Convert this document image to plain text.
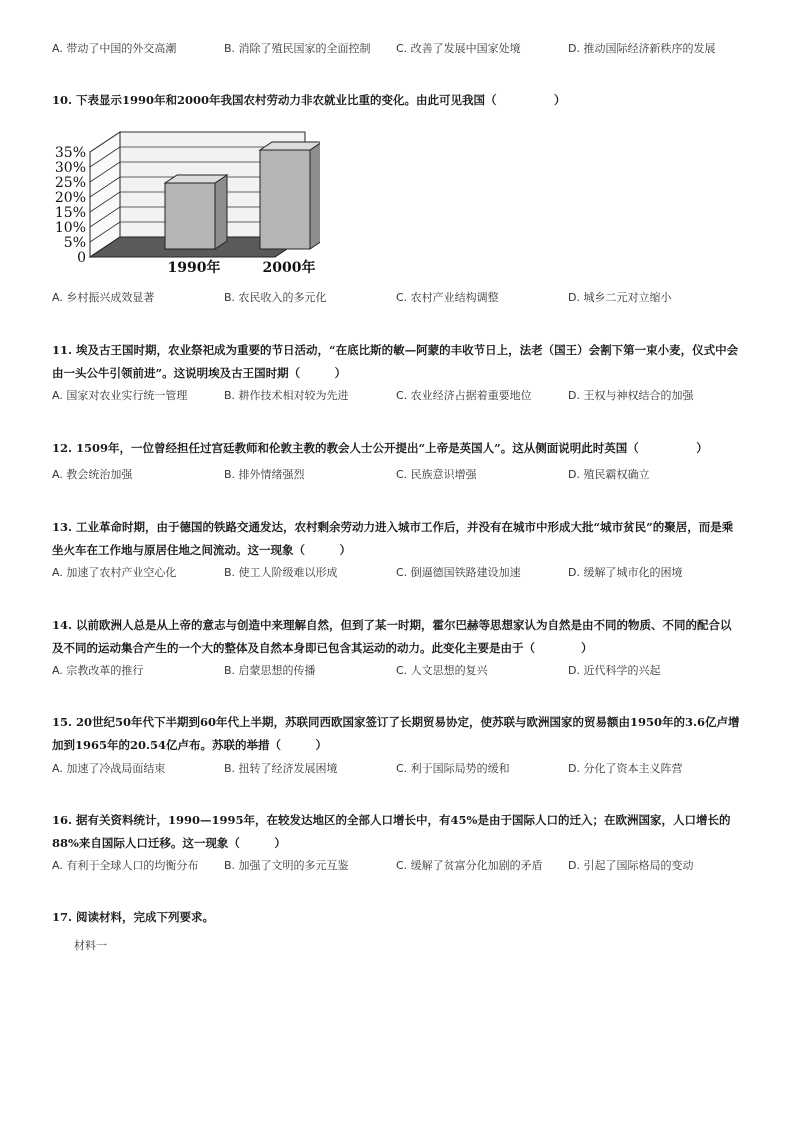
A. 带动了中国的外交高潮	B. 消除了殖民国家的全面控制 C. 改善了发展中国家处境	D. 推动国际经济新秩序的发展
10. 下表显示1990年和2000年我国农村劳动力非农就业比重的变化。由此可见我国（　　　　　）
35%
30%
25%
20%
15%
10%
5%
0
1990年	2000年
A. 乡村振兴成效显著	B. 农民收入的多元化	C. 农村产业结构调整	D. 城乡二元对立缩小
11. 埃及古王国时期，农业祭祀成为重要的节日活动，“在底比斯的敏—阿蒙的丰收节日上，法老（国王）会割下第一束小麦，仪式中会由一头公牛引领前进”。这说明埃及古王国时期（　　　）
A. 国家对农业实行统一管理	B. 耕作技术相对较为先进	C. 农业经济占据着重要地位	D. 王权与神权结合的加强
12. 1509年，一位曾经担任过宫廷教师和伦敦主教的教会人士公开提出“上帝是英国人”。这从侧面说明此时英国（　　　　　）
A. 教会统治加强	B. 排外情绪强烈	C. 民族意识增强	D. 殖民霸权确立
13. 工业革命时期，由于德国的铁路交通发达，农村剩余劳动力进入城市工作后，并没有在城市中形成大批“城市贫民”的聚居，而是乘坐火车在工作地与原居住地之间流动。这一现象（　　　）
A. 加速了农村产业空心化	B. 使工人阶级难以形成	C. 倒逼德国铁路建设加速	D. 缓解了城市化的困境
14. 以前欧洲人总是从上帝的意志与创造中来理解自然，但到了某一时期，霍尔巴赫等思想家认为自然是由不同的物质、不同的配合以及不同的运动集合产生的一个大的整体及自然本身即已包含其运动的动力。此变化主要是由于（　　　　）
A. 宗教改革的推行	B. 启蒙思想的传播	C. 人文思想的复兴	D. 近代科学的兴起
15. 20世纪50年代下半期到60年代上半期，苏联同西欧国家签订了长期贸易协定，使苏联与欧洲国家的贸易额由1950年的3.6亿卢增加到1965年的20.54亿卢布。苏联的举措（　　　）
A. 加速了冷战局面结束	B. 扭转了经济发展困境	C. 利于国际局势的缓和	D. 分化了资本主义阵营
16. 据有关资料统计，1990—1995年，在较发达地区的全部人口增长中，有45%是由于国际人口的迁入；在欧洲国家，人口增长的88%来自国际人口迁移。这一现象（　　　）
A. 有利于全球人口的均衡分布 B. 加强了文明的多元互鉴	C. 缓解了贫富分化加剧的矛盾 D. 引起了国际格局的变动
17. 阅读材料，完成下列要求。
材料一
